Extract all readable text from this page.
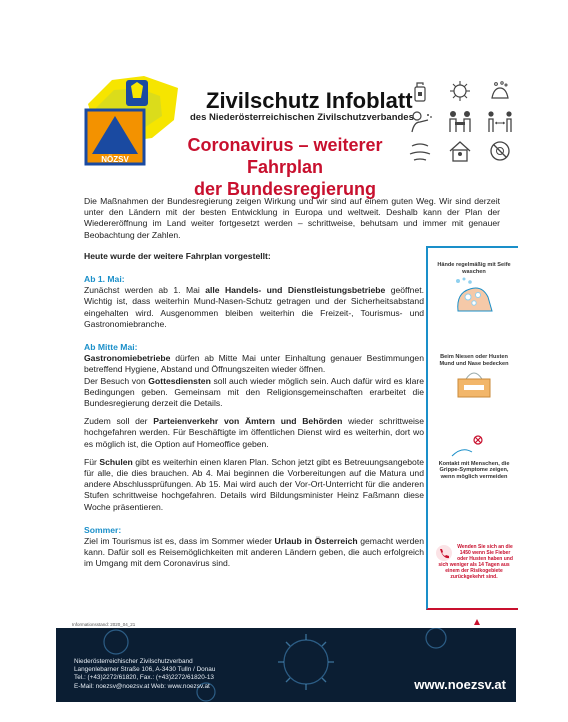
NÖZSV
Zivilschutz Infoblatt
des Niederösterreichischen Zivilschutzverbandes
Coronavirus – weiterer Fahrplan
der Bundesregierung

Die Maßnahmen der Bundesregierung zeigen Wirkung und wir sind auf einem guten Weg. Wir sind derzeit unter den Ländern mit der besten Entwicklung in Europa und weltweit. Deshalb kann der Plan der Wiedereröffnung im Land weiter fortgesetzt werden – schrittweise, behutsam und immer mit genauer Beobachtung der Zahlen.

Heute wurde der weitere Fahrplan vorgestellt:

Ab 1. Mai:

Zunächst werden ab 1. Mai alle Handels- und Dienstleistungsbetriebe geöffnet. Wichtig ist, dass weiterhin Mund-Nasen-Schutz getragen und der Sicherheitsabstand eingehalten wird. Ausgenommen bleiben weiterhin die Freizeit-, Tourismus- und Gastronomiebranche.

Ab Mitte Mai:

Gastronomiebetriebe dürfen ab Mitte Mai unter Einhaltung genauer Bestimmungen betreffend Hygiene, Abstand und Öffnungszeiten wieder öffnen.

Der Besuch von Gottesdiensten soll auch wieder möglich sein. Auch dafür wird es klare Bedingungen geben. Gemeinsam mit den Religionsgemeinschaften erarbeitet die Bundesregierung derzeit die Details.

Zudem soll der Parteienverkehr von Ämtern und Behörden wieder schrittweise hochgefahren werden. Für Beschäftigte im öffentlichen Dienst wird es weiterhin, dort wo es möglich ist, die Option auf Homeoffice geben.

Für Schulen gibt es weiterhin einen klaren Plan. Schon jetzt gibt es Betreuungsangebote für alle, die dies brauchen. Ab 4. Mai beginnen die Vorbereitungen auf die Matura und andere Abschlussprüfungen. Ab 15. Mai wird auch der Vor-Ort-Unterricht für die anderen Stufen schrittweise hochgefahren. Details wird Bildungsminister Heinz Faßmann diese Woche präsentieren.

Sommer:

Ziel im Tourismus ist es, dass im Sommer wieder Urlaub in Österreich gemacht werden kann. Dafür soll es Reisemöglichkeiten mit anderen Ländern geben, die auch erfolgreich im Umgang mit dem Coronavirus sind.

Hände regelmäßig mit Seife waschen
Beim Niesen oder Husten Mund und Nase bedecken
Kontakt mit Menschen, die Grippe-Symptome zeigen, wenn möglich vermeiden
Wenden Sie sich an die 1450 wenn Sie Fieber oder Husten haben und sich weniger als 14 Tagen aus einem der Risikogebiete zurückgekehrt sind.
Informationsstand: 2020_04_21
Niederösterreichischer Zivilschutzverband
Langenlebarner Straße 106, A-3430 Tulln / Donau
Tel.: (+43)2272/61820, Fax.: (+43)2272/61820-13
E-Mail: noezsv@noezsv.at Web: www.noezsv.at	www.noezsv.at
